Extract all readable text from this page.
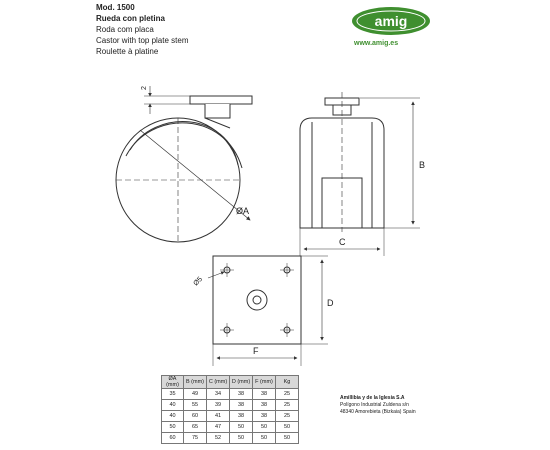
Mod. 1500
Rueda con pletina
Roda com placa
Castor with top plate stem
Roulette à platine
amig
www.amig.es
2
ØA
B
C
D
F
Ø5
ØA (mm)	B (mm)	C (mm)	D (mm)	F (mm)	Kg
35	49	34	38	38	25
40	55	39	38	38	25
40	60	41	38	38	25
50	65	47	50	50	50
60	75	52	50	50	50
Amillibia y de la Iglesia S.A
Polígono Industrial Zuldena s/n
48340 Amorebieta (Bizkaia) Spain
